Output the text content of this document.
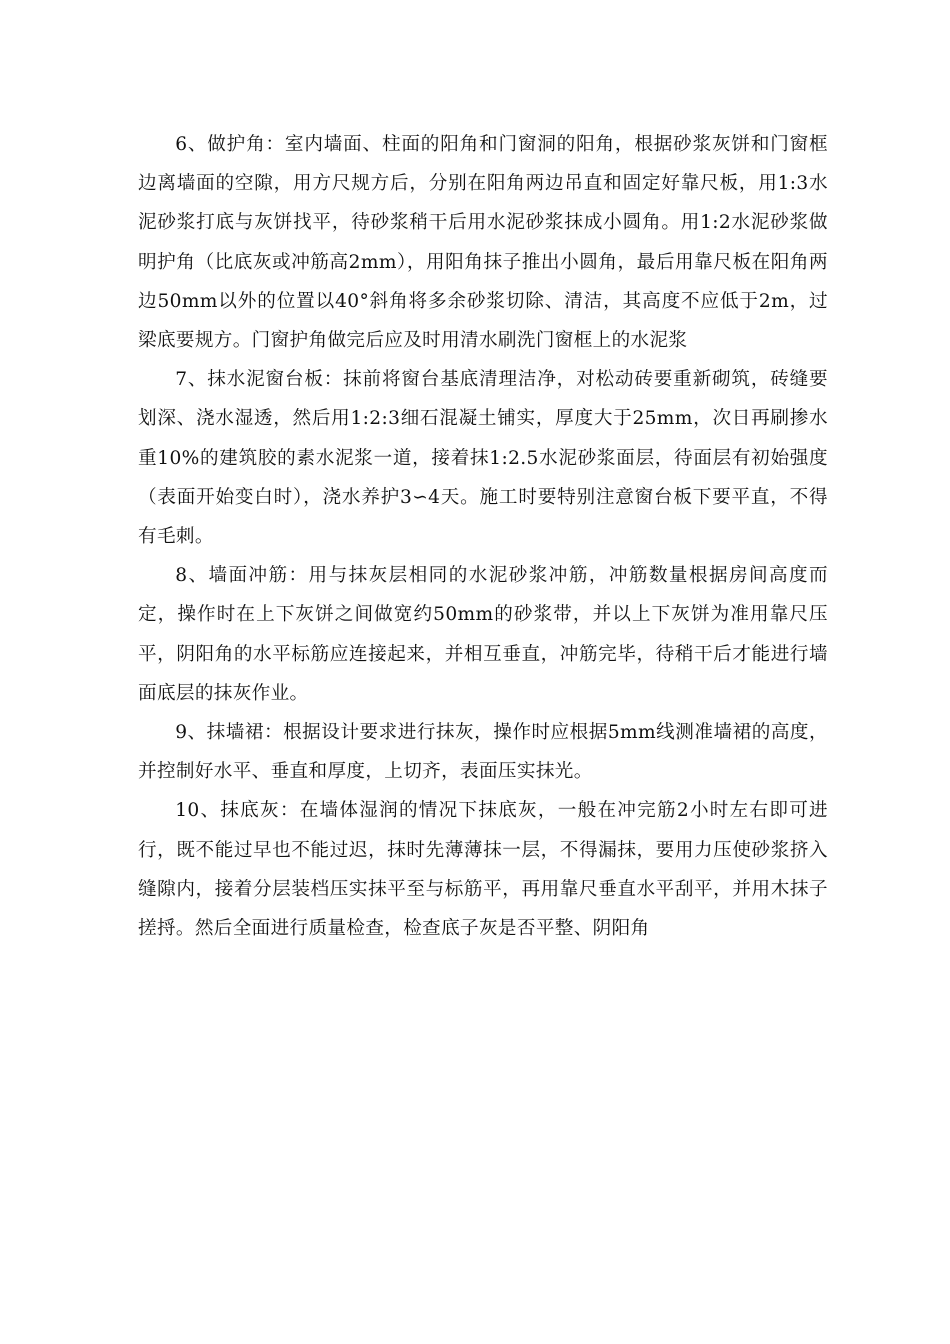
6、做护角：室内墙面、柱面的阳角和门窗洞的阳角，根据砂浆灰饼和门窗框边离墙面的空隙，用方尺规方后，分别在阳角两边吊直和固定好靠尺板，用1:3水泥砂浆打底与灰饼找平，待砂浆稍干后用水泥砂浆抹成小圆角。用1:2水泥砂浆做明护角（比底灰或冲筋高2mm），用阳角抹子推出小圆角，最后用靠尺板在阳角两边50mm以外的位置以40°斜角将多余砂浆切除、清洁，其高度不应低于2m，过梁底要规方。门窗护角做完后应及时用清水刷洗门窗框上的水泥浆

7、抹水泥窗台板：抹前将窗台基底清理洁净，对松动砖要重新砌筑，砖缝要划深、浇水湿透，然后用1:2:3细石混凝土铺实，厚度大于25mm，次日再刷掺水重10%的建筑胶的素水泥浆一道，接着抹1:2.5水泥砂浆面层，待面层有初始强度（表面开始变白时），浇水养护3∽4天。施工时要特别注意窗台板下要平直，不得有毛刺。

8、墙面冲筋：用与抹灰层相同的水泥砂浆冲筋，冲筋数量根据房间高度而定，操作时在上下灰饼之间做宽约50mm的砂浆带，并以上下灰饼为准用靠尺压平，阴阳角的水平标筋应连接起来，并相互垂直，冲筋完毕，待稍干后才能进行墙面底层的抹灰作业。

9、抹墙裙：根据设计要求进行抹灰，操作时应根据5mm线测准墙裙的高度，并控制好水平、垂直和厚度，上切齐，表面压实抹光。

10、抹底灰：在墙体湿润的情况下抹底灰，一般在冲完筋2小时左右即可进行，既不能过早也不能过迟，抹时先薄薄抹一层，不得漏抹，要用力压使砂浆挤入缝隙内，接着分层装档压实抹平至与标筋平，再用靠尺垂直水平刮平，并用木抹子搓捋。然后全面进行质量检查，检查底子灰是否平整、阴阳角
